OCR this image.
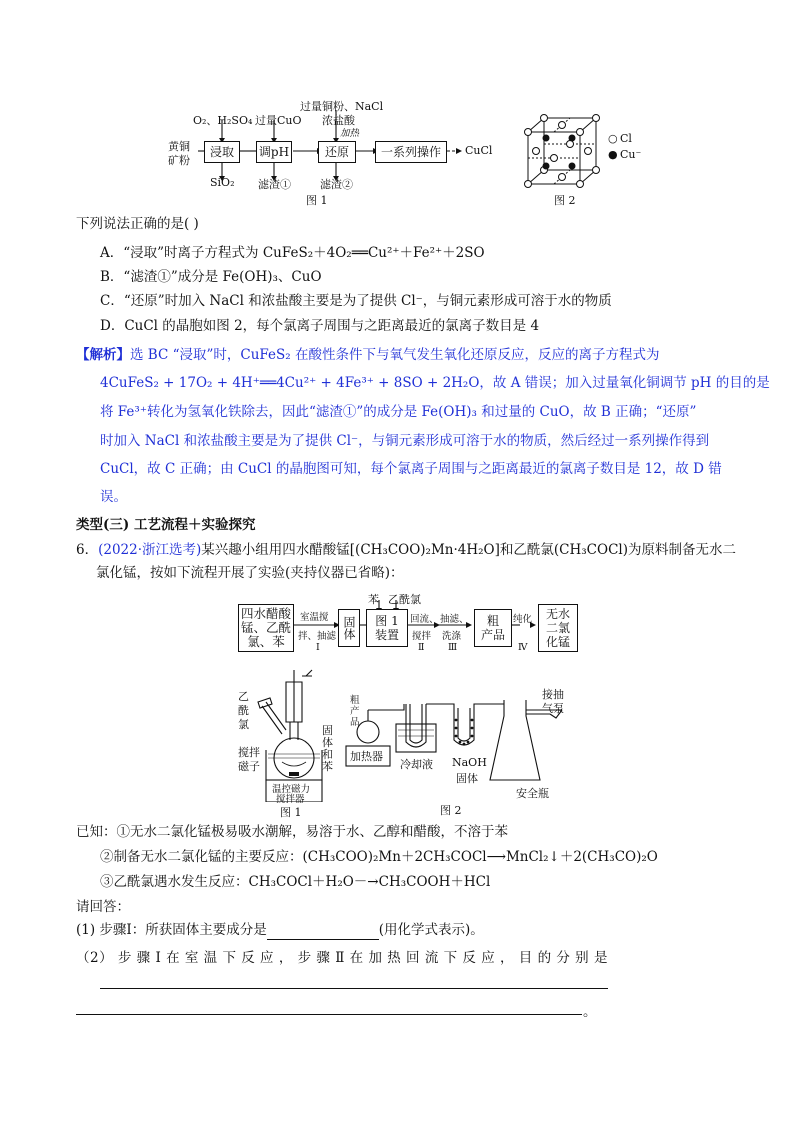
O₂、H₂SO₄ 过量CuO
过量铜粉、NaCl
浓盐酸
加热
黄铜
矿粉
浸取	调pH	还原	一系列操作	CuCl
SiO₂ 滤渣①	滤渣②
图 1
○ Cl
● Cu⁻
图 2
下列说法正确的是( )
A．“浸取”时离子方程式为 CuFeS₂＋4O₂══Cu²⁺＋Fe²⁺＋2SO
B．“滤渣①”成分是 Fe(OH)₃、CuO
C．“还原”时加入 NaCl 和浓盐酸主要是为了提供 Cl⁻，与铜元素形成可溶于水的物质
D．CuCl 的晶胞如图 2，每个氯离子周围与之距离最近的氯离子数目是 4
【解析】选 BC “浸取”时，CuFeS₂ 在酸性条件下与氧气发生氧化还原反应，反应的离子方程式为
4CuFeS₂ + 17O₂ + 4H⁺══4Cu²⁺ + 4Fe³⁺ + 8SO + 2H₂O，故 A 错误；加入过量氧化铜调节 pH 的目的是
将 Fe³⁺转化为氢氧化铁除去，因此“滤渣①”的成分是 Fe(OH)₃ 和过量的 CuO，故 B 正确；“还原”
时加入 NaCl 和浓盐酸主要是为了提供 Cl⁻，与铜元素形成可溶于水的物质，然后经过一系列操作得到
CuCl，故 C 正确；由 CuCl 的晶胞图可知，每个氯离子周围与之距离最近的氯离子数目是 12，故 D 错
误。
类型(三) 工艺流程＋实验探究
6．(2022·浙江选考)某兴趣小组用四水醋酸锰[(CH₃COO)₂Mn·4H₂O]和乙酰氯(CH₃COCl)为原料制备无水二
氯化锰，按如下流程开展了实验(夹持仪器已省略)：
四水醋酸
锰、乙酰
氯、苯
室温搅
拌、抽滤
Ⅰ
固体
苯 乙酰氯
图 1
装置
回流、
搅拌
Ⅱ
抽滤、
洗涤
Ⅲ
粗
产品
纯化
Ⅳ
无水
二氯
化锰
乙
酰
氯
搅拌
磁子
固
体
和
苯
温控磁力
搅拌器
图 1
粗
产
品
加热器
冷却液 NaOH
固体
接抽
气泵
安全瓶
图 2
已知：①无水二氯化锰极易吸水潮解，易溶于水、乙醇和醋酸，不溶于苯
②制备无水二氯化锰的主要反应：(CH₃COO)₂Mn＋2CH₃COCl⟶MnCl₂↓＋2(CH₃CO)₂O
③乙酰氯遇水发生反应：CH₃COCl＋H₂O－→CH₃COOH＋HCl
请回答：
(1) 步骤Ⅰ：所获固体主要成分是	(用化学式表示)。
（2） 步 骤 Ⅰ 在 室 温 下 反 应 ， 步 骤 Ⅱ 在 加 热 回 流 下 反 应 ， 目 的 分 别 是
。
